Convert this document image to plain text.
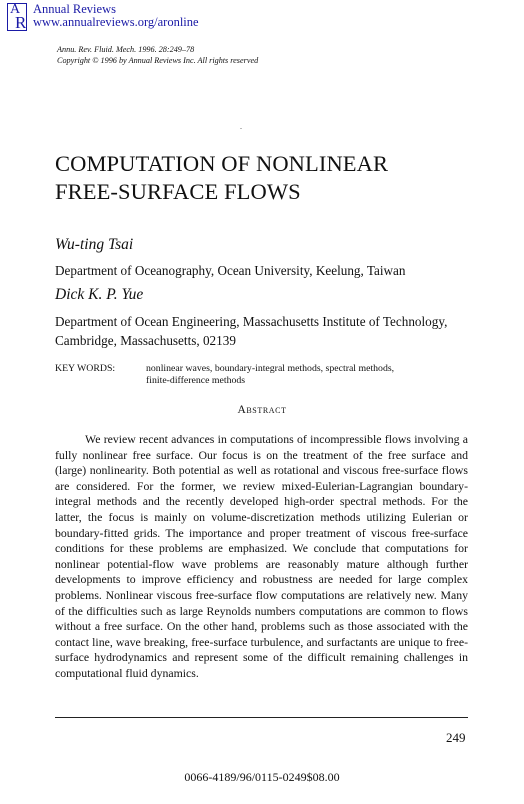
A
R
Annual Reviews
www.annualreviews.org/aronline
Annu. Rev. Fluid. Mech. 1996. 28:249–78
Copyright © 1996 by Annual Reviews Inc. All rights reserved
COMPUTATION OF NONLINEAR
FREE-SURFACE FLOWS
Wu-ting Tsai
Department of Oceanography, Ocean University, Keelung, Taiwan
Dick K. P. Yue
Department of Ocean Engineering, Massachusetts Institute of Technology,
Cambridge, Massachusetts, 02139
KEY WORDS:	nonlinear waves, boundary-integral methods, spectral methods,
finite-difference methods
Abstract
We review recent advances in computations of incompressible flows involving a fully nonlinear free surface. Our focus is on the treatment of the free surface and (large) nonlinearity. Both potential as well as rotational and viscous free-surface flows are considered. For the former, we review mixed-Eulerian-Lagrangian boundary-integral methods and the recently developed high-order spectral methods. For the latter, the focus is mainly on volume-discretization methods utilizing Eulerian or boundary-fitted grids. The importance and proper treatment of viscous free-surface conditions for these problems are emphasized. We conclude that computations for nonlinear potential-flow wave problems are reasonably mature although further developments to improve efficiency and robustness are needed for large complex problems. Nonlinear viscous free-surface flow computations are relatively new. Many of the difficulties such as large Reynolds numbers computations are common to flows without a free surface. On the other hand, problems such as those associated with the contact line, wave breaking, free-surface turbulence, and surfactants are unique to free-surface hydrodynamics and represent some of the difficult remaining challenges in computational fluid dynamics.
249
0066-4189/96/0115-0249$08.00
